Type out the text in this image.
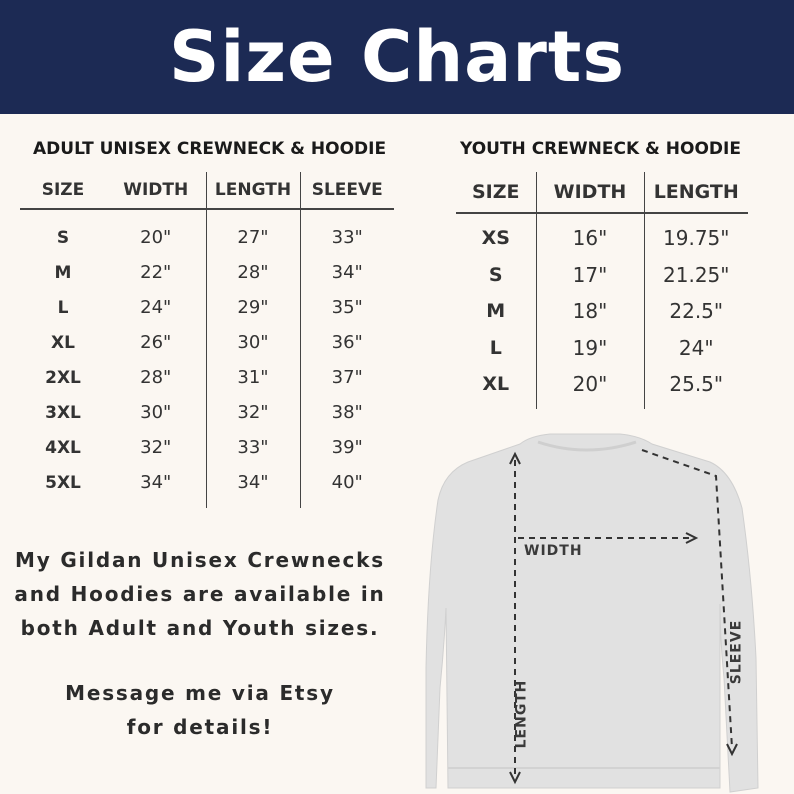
Size Charts
ADULT UNISEX CREWNECK & HOODIE
SIZE	WIDTH	LENGTH	SLEEVE

S	20"	27"	33"
M	22"	28"	34"
L	24"	29"	35"
XL	26"	30"	36"
2XL	28"	31"	37"
3XL	30"	32"	38"
4XL	32"	33"	39"
5XL	34"	34"	40"

YOUTH CREWNECK & HOODIE
SIZE	WIDTH	LENGTH

XS	16"	19.75"
S	17"	21.25"
M	18"	22.5"
L	19"	24"
XL	20"	25.5"

My Gildan Unisex Crewnecks
and Hoodies are available in
both Adult and Youth sizes.
Message me via Etsy
for details!
WIDTH
LENGTH
SLEEVE
